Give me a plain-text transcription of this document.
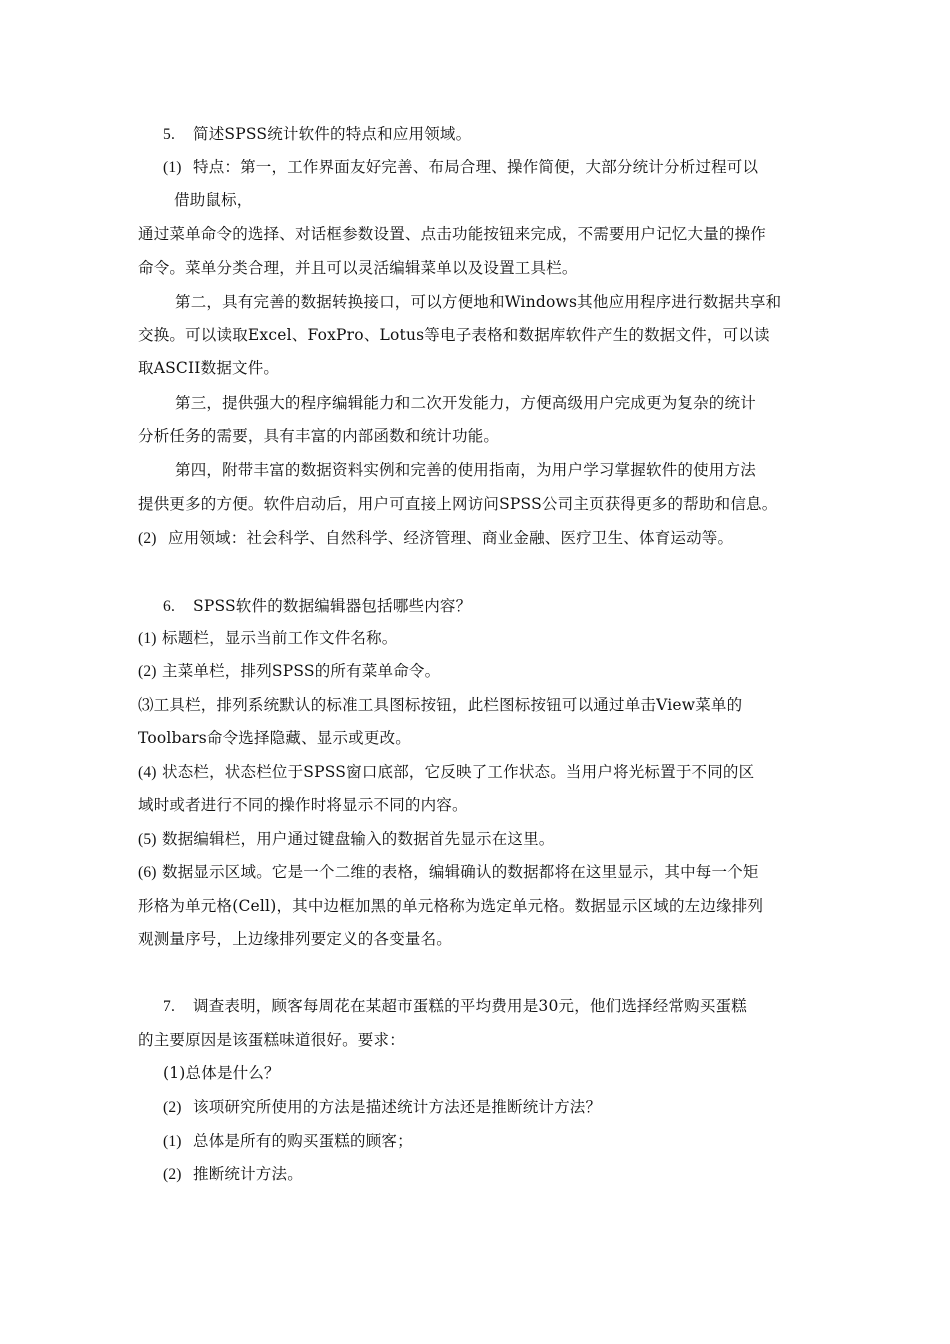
5. 简述SPSS统计软件的特点和应用领域。
(1) 特点：第一，工作界面友好完善、布局合理、操作简便，大部分统计分析过程可以
借助鼠标，
通过菜单命令的选择、对话框参数设置、点击功能按钮来完成，不需要用户记忆大量的操作
命令。菜单分类合理，并且可以灵活编辑菜单以及设置工具栏。
第二，具有完善的数据转换接口，可以方便地和Windows其他应用程序进行数据共享和
交换。可以读取Excel、FoxPro、Lotus等电子表格和数据库软件产生的数据文件，可以读
取ASCII数据文件。
第三，提供强大的程序编辑能力和二次开发能力，方便高级用户完成更为复杂的统计
分析任务的需要，具有丰富的内部函数和统计功能。
第四，附带丰富的数据资料实例和完善的使用指南，为用户学习掌握软件的使用方法
提供更多的方便。软件启动后，用户可直接上网访问SPSS公司主页获得更多的帮助和信息。
(2) 应用领域：社会科学、自然科学、经济管理、商业金融、医疗卫生、体育运动等。
6. SPSS软件的数据编辑器包括哪些内容？
(1) 标题栏，显示当前工作文件名称。
(2) 主菜单栏，排列SPSS的所有菜单命令。
⑶工具栏，排列系统默认的标准工具图标按钮，此栏图标按钮可以通过单击View菜单的
Toolbars命令选择隐藏、显示或更改。
(4) 状态栏，状态栏位于SPSS窗口底部，它反映了工作状态。当用户将光标置于不同的区
域时或者进行不同的操作时将显示不同的内容。
(5) 数据编辑栏，用户通过键盘输入的数据首先显示在这里。
(6) 数据显示区域。它是一个二维的表格，编辑确认的数据都将在这里显示，其中每一个矩
形格为单元格(Cell)，其中边框加黑的单元格称为选定单元格。数据显示区域的左边缘排列
观测量序号，上边缘排列要定义的各变量名。
7. 调查表明，顾客每周花在某超市蛋糕的平均费用是30元，他们选择经常购买蛋糕
的主要原因是该蛋糕味道很好。要求：
(1)总体是什么？
(2) 该项研究所使用的方法是描述统计方法还是推断统计方法？
(1) 总体是所有的购买蛋糕的顾客；
(2) 推断统计方法。
